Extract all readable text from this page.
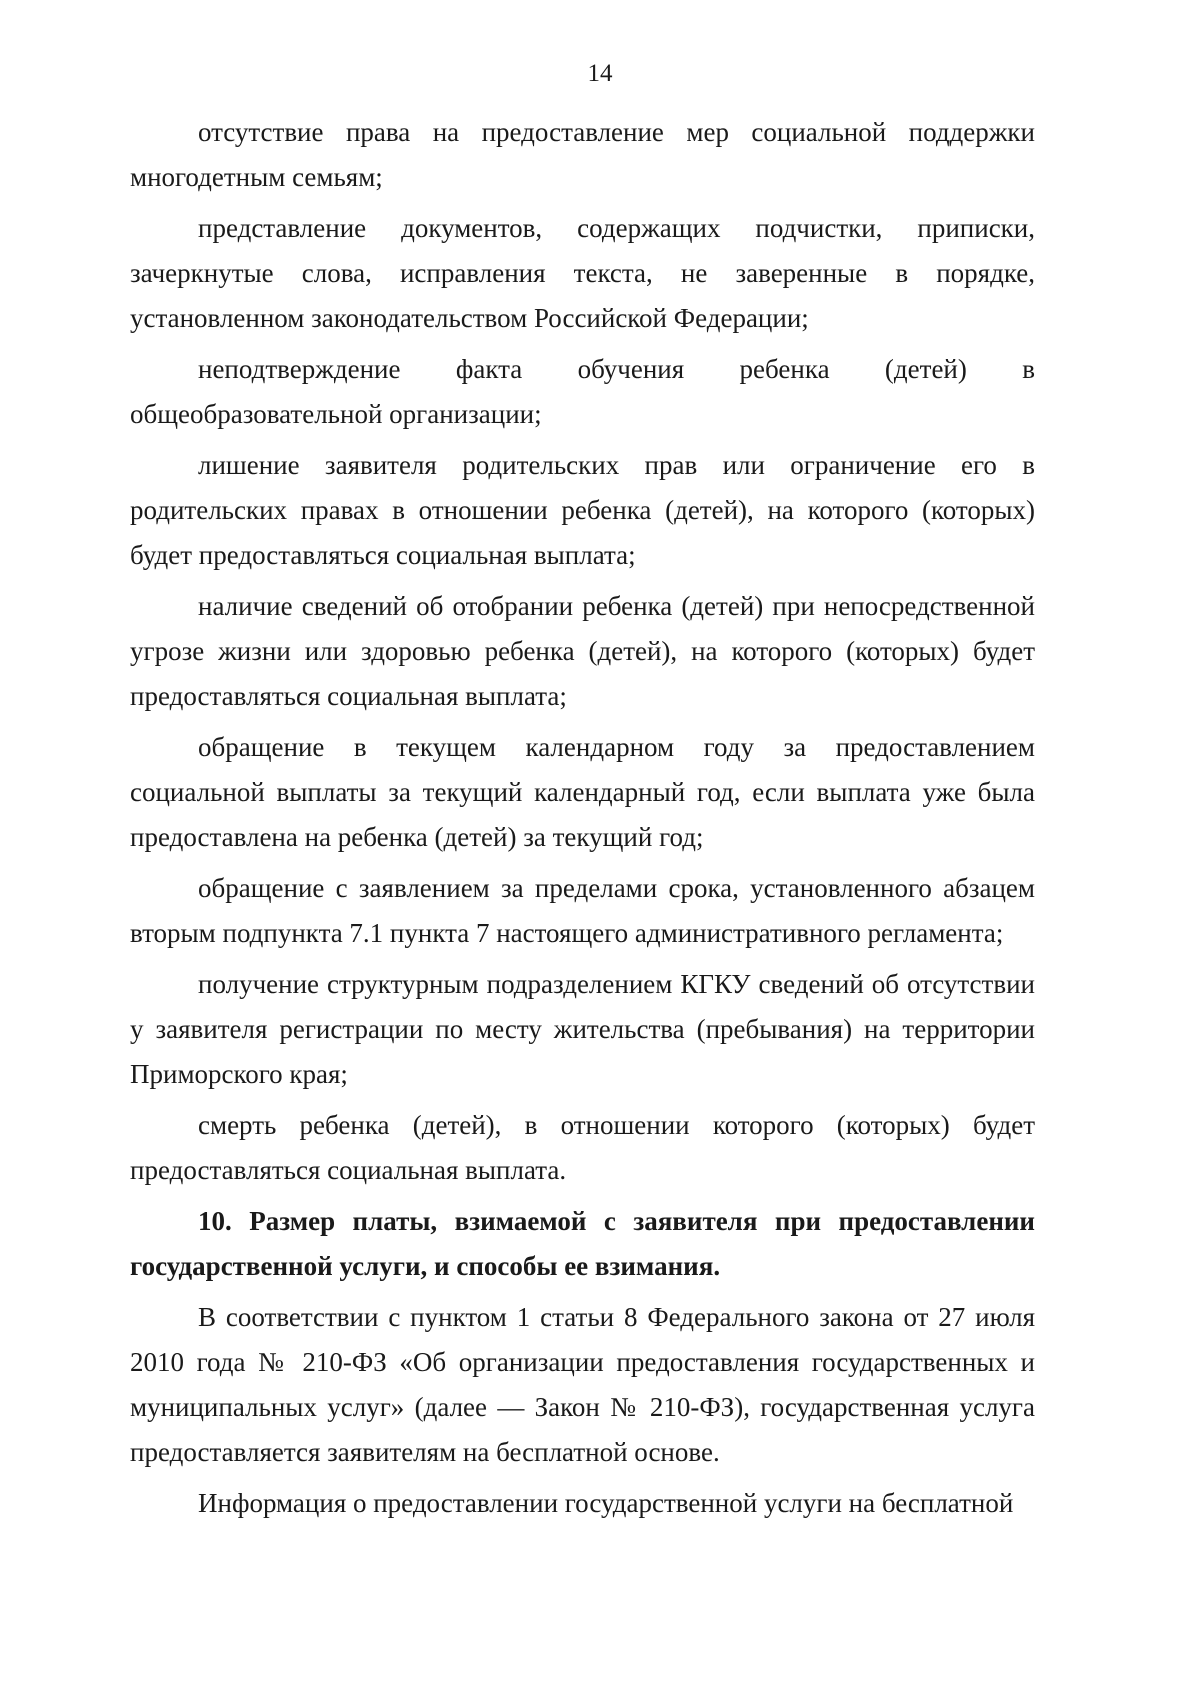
14

отсутствие права на предоставление мер социальной поддержки многодетным семьям;

представление документов, содержащих подчистки, приписки, зачеркнутые слова, исправления текста, не заверенные в порядке, установленном законодательством Российской Федерации;

неподтверждение факта обучения ребенка (детей) в общеобразовательной организации;

лишение заявителя родительских прав или ограничение его в родительских правах в отношении ребенка (детей), на которого (которых) будет предоставляться социальная выплата;

наличие сведений об отобрании ребенка (детей) при непосредственной угрозе жизни или здоровью ребенка (детей), на которого (которых) будет предоставляться социальная выплата;

обращение в текущем календарном году за предоставлением социальной выплаты за текущий календарный год, если выплата уже была предоставлена на ребенка (детей) за текущий год;

обращение с заявлением за пределами срока, установленного абзацем вторым подпункта 7.1 пункта 7 настоящего административного регламента;

получение структурным подразделением КГКУ сведений об отсутствии у заявителя регистрации по месту жительства (пребывания) на территории Приморского края;

смерть ребенка (детей), в отношении которого (которых) будет предоставляться социальная выплата.

10. Размер платы, взимаемой с заявителя при предоставлении государственной услуги, и способы ее взимания.

В соответствии с пунктом 1 статьи 8 Федерального закона от 27 июля 2010 года № 210-ФЗ «Об организации предоставления государственных и муниципальных услуг» (далее — Закон № 210-ФЗ), государственная услуга предоставляется заявителям на бесплатной основе.

Информация о предоставлении государственной услуги на бесплатной
